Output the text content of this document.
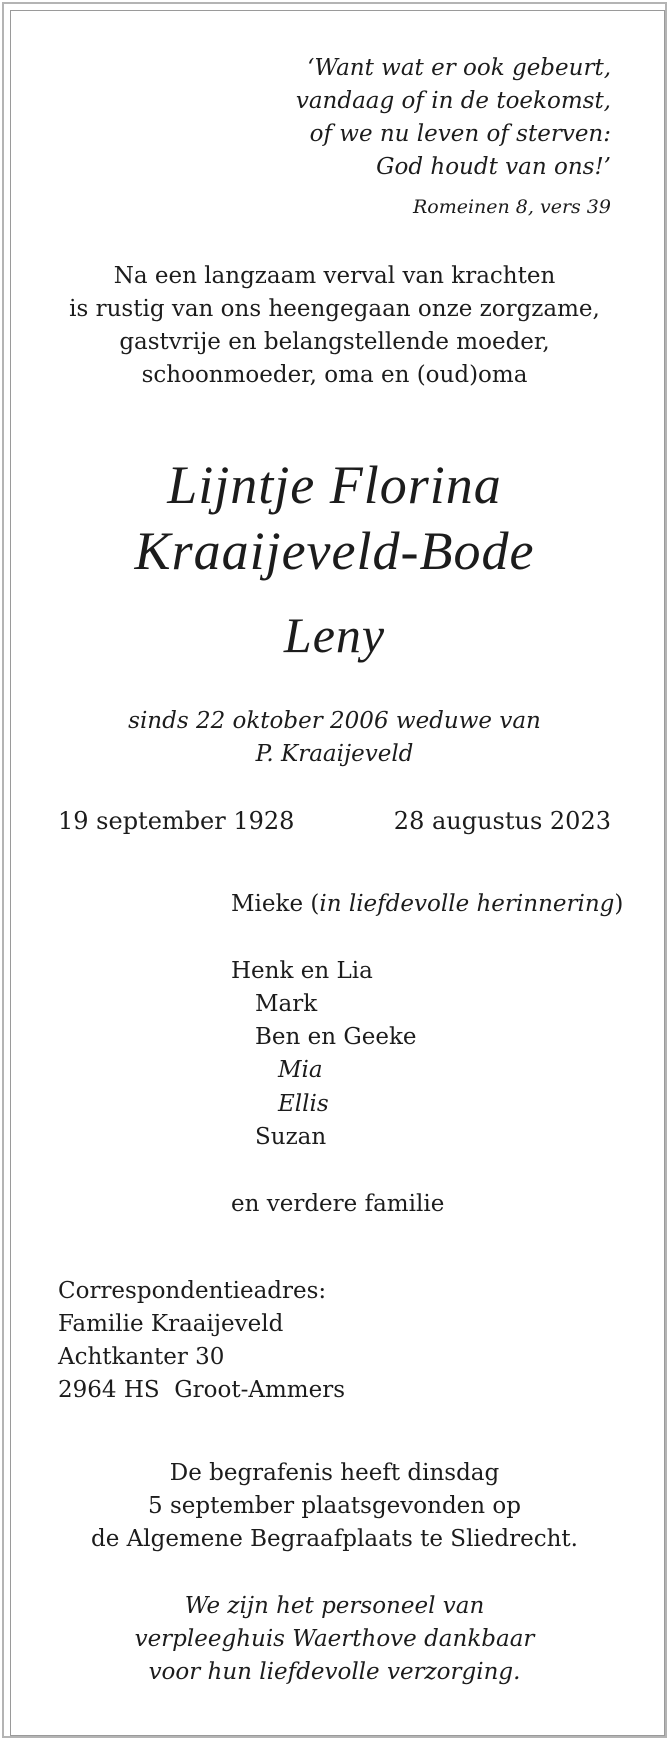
‘Want wat er ook gebeurt,
vandaag of in de toekomst,
of we nu leven of sterven:
God houdt van ons!’
Romeinen 8, vers 39
Na een langzaam verval van krachten
is rustig van ons heengegaan onze zorgzame,
gastvrije en belangstellende moeder,
schoonmoeder, oma en (oud)oma
Lijntje Florina
Kraaijeveld-Bode
Leny
sinds 22 oktober 2006 weduwe van
P. Kraaijeveld
19 september 1928	28 augustus 2023
Mieke (in liefdevolle herinnering)
Henk en Lia
Mark
Ben en Geeke
Mia
Ellis
Suzan
en verdere familie
Correspondentieadres:
Familie Kraaijeveld
Achtkanter 30
2964 HS  Groot-Ammers
De begrafenis heeft dinsdag
5 september plaatsgevonden op
de Algemene Begraafplaats te Sliedrecht.
We zijn het personeel van
verpleeghuis Waerthove dankbaar
voor hun liefdevolle verzorging.
